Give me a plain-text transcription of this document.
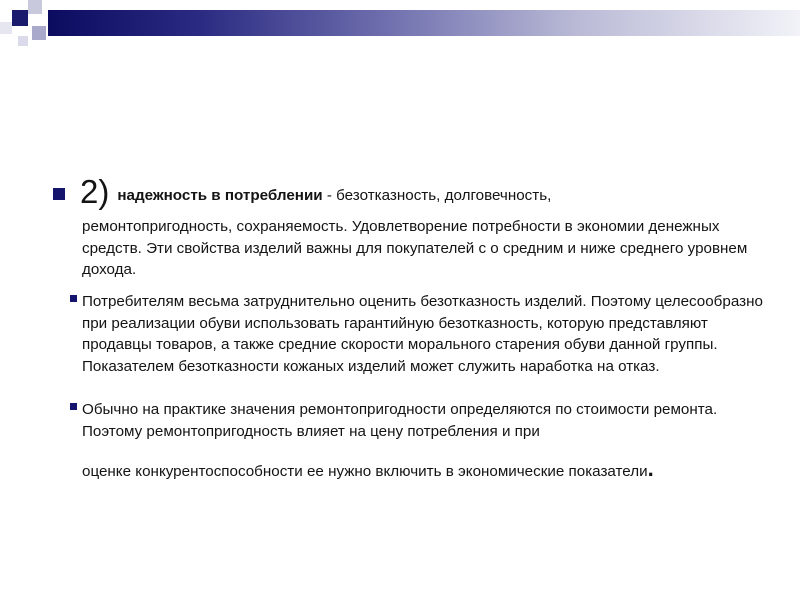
2) надежность в потреблении - безотказность, долговечность,
ремонтопригодность, сохраняемость. Удовлетворение потребности в экономии денежных средств. Эти свойства изделий важны для покупателей с о средним и ниже среднего уровнем дохода.
Потребителям весьма затруднительно оценить безотказность изделий. Поэтому целесообразно при реализации обуви использовать гарантийную безотказность, которую представляют продавцы товаров, а также средние скорости морального старения обуви данной группы. Показателем безотказности кожаных изделий может служить наработка на отказ.
Обычно на практике значения ремонтопригодности определяются по стоимости ремонта. Поэтому ремонтопригодность влияет на цену потребления и при
оценке конкурентоспособности ее нужно включить в экономические показатели.
